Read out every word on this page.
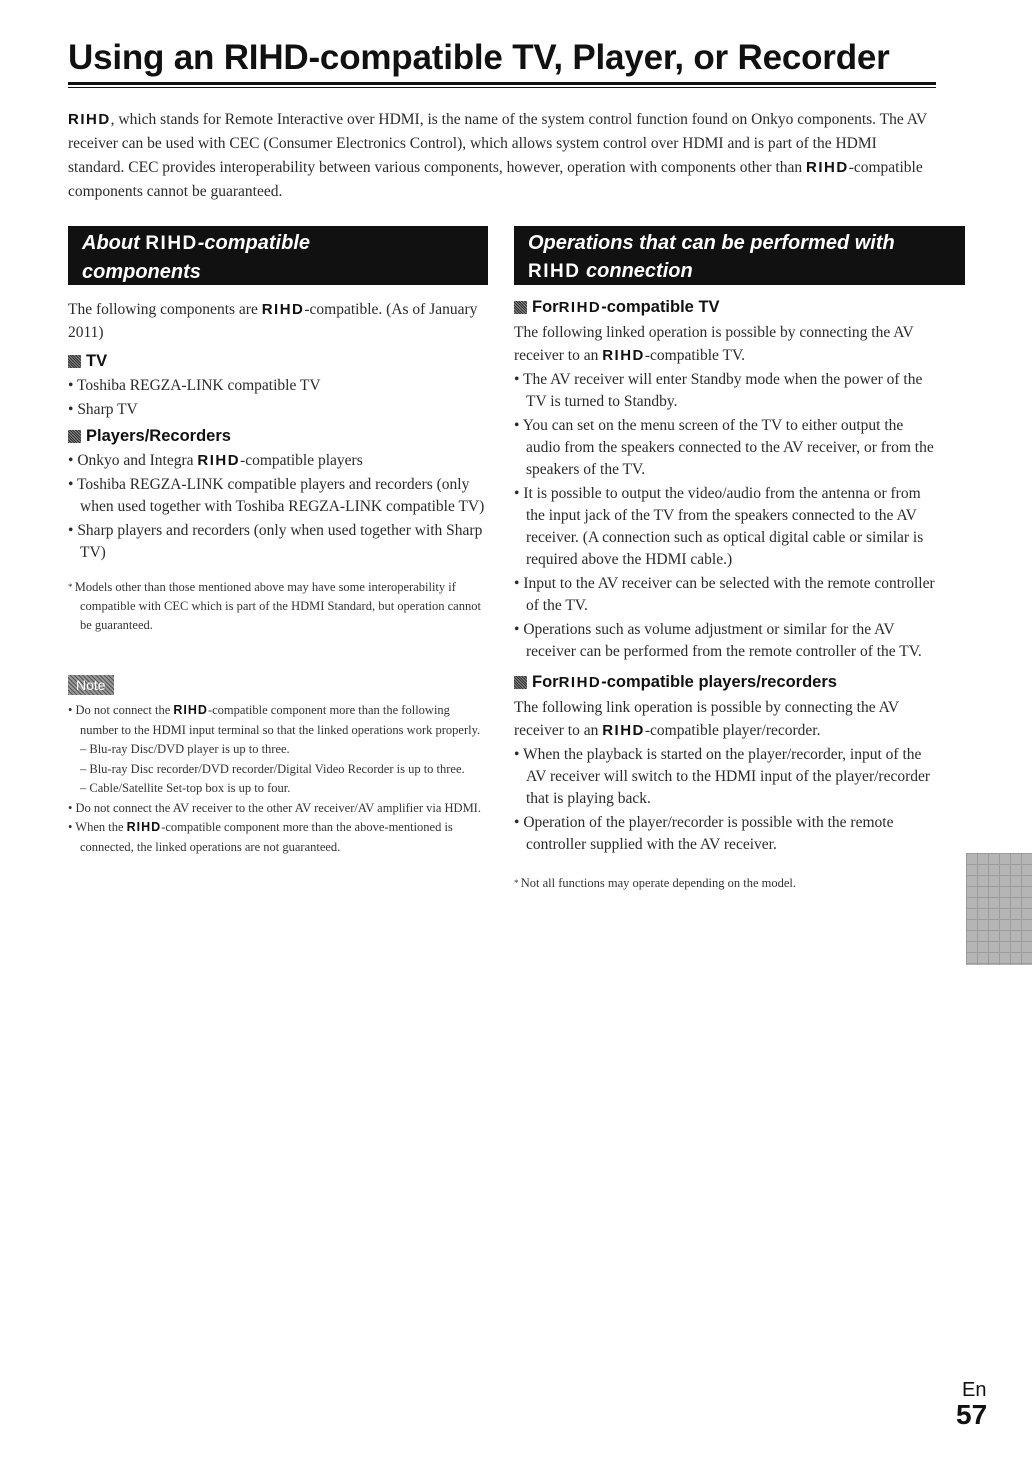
Using an RIHD-compatible TV, Player, or Recorder

RIHD, which stands for Remote Interactive over HDMI, is the name of the system control function found on Onkyo components. The AV receiver can be used with CEC (Consumer Electronics Control), which allows system control over HDMI and is part of the HDMI standard. CEC provides interoperability between various components, however, operation with components other than RIHD-compatible components cannot be guaranteed.

About RIHD-compatible
components

The following components are RIHD-compatible. (As of January 2011)

TV
• Toshiba REGZA-LINK compatible TV
• Sharp TV
Players/Recorders
• Onkyo and Integra RIHD-compatible players
• Toshiba REGZA-LINK compatible players and recorders (only when used together with Toshiba REGZA-LINK compatible TV)
• Sharp players and recorders (only when used together with Sharp TV)

* Models other than those mentioned above may have some interoperability if compatible with CEC which is part of the HDMI Standard, but operation cannot be guaranteed.

Note
• Do not connect the RIHD-compatible component more than the following number to the HDMI input terminal so that the linked operations work properly.
– Blu-ray Disc/DVD player is up to three.
– Blu-ray Disc recorder/DVD recorder/Digital Video Recorder is up to three.
– Cable/Satellite Set-top box is up to four.
• Do not connect the AV receiver to the other AV receiver/AV amplifier via HDMI.
• When the RIHD-compatible component more than the above-mentioned is connected, the linked operations are not guaranteed.
Operations that can be performed with
RIHD connection
For RIHD -compatible TV

The following linked operation is possible by connecting the AV receiver to an RIHD-compatible TV.

• The AV receiver will enter Standby mode when the power of the TV is turned to Standby.
• You can set on the menu screen of the TV to either output the audio from the speakers connected to the AV receiver, or from the speakers of the TV.
• It is possible to output the video/audio from the antenna or from the input jack of the TV from the speakers connected to the AV receiver. (A connection such as optical digital cable or similar is required above the HDMI cable.)
• Input to the AV receiver can be selected with the remote controller of the TV.
• Operations such as volume adjustment or similar for the AV receiver can be performed from the remote controller of the TV.
For RIHD -compatible players/recorders

The following link operation is possible by connecting the AV receiver to an RIHD-compatible player/recorder.

• When the playback is started on the player/recorder, input of the AV receiver will switch to the HDMI input of the player/recorder that is playing back.
• Operation of the player/recorder is possible with the remote controller supplied with the AV receiver.

* Not all functions may operate depending on the model.

En
57
